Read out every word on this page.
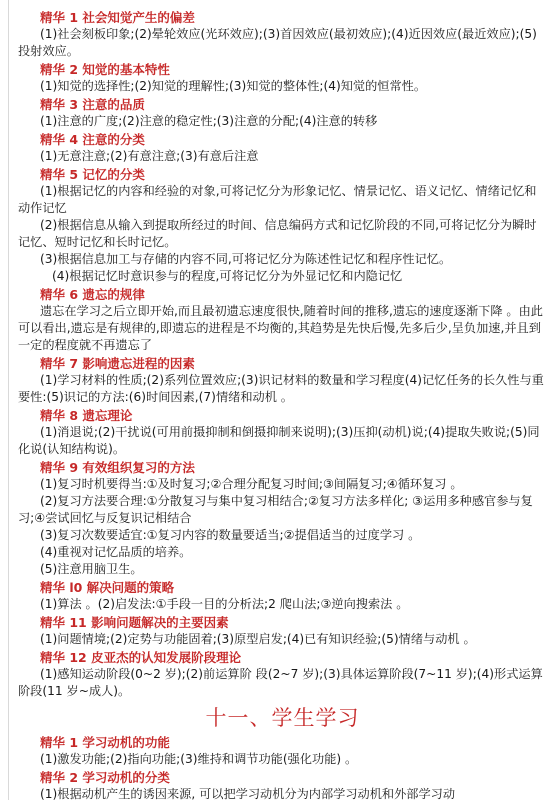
精华 1 社会知觉产生的偏差

(1)社会刻板印象;(2)晕轮效应(光环效应);(3)首因效应(最初效应);(4)近因效应(最近效应);(5)投射效应。

精华 2 知觉的基本特性

(1)知觉的选择性;(2)知觉的理解性;(3)知觉的整体性;(4)知觉的恒常性。

精华 3 注意的品质

(1)注意的广度;(2)注意的稳定性;(3)注意的分配;(4)注意的转移

精华 4 注意的分类

(1)无意注意;(2)有意注意;(3)有意后注意

精华 5 记忆的分类

(1)根据记忆的内容和经验的对象,可将记忆分为形象记忆、情景记忆、语义记忆、情绪记忆和动作记忆

(2)根据信息从输入到提取所经过的时间、信息编码方式和记忆阶段的不同,可将记忆分为瞬时记忆、短时记忆和长时记忆。

(3)根据信息加工与存储的内容不同,可将记忆分为陈述性记忆和程序性记忆。

(4)根据记忆时意识参与的程度,可将记忆分为外显记忆和内隐记忆

精华 6 遗忘的规律

遗忘在学习之后立即开始,而且最初遗忘速度很快,随着时间的推移,遗忘的速度逐渐下降 。由此可以看出,遗忘是有规律的,即遗忘的进程是不均衡的,其趋势是先快后慢,先多后少,呈负加速,并且到一定的程度就不再遗忘了

精华 7 影响遗忘进程的因素

(1)学习材料的性质;(2)系列位置效应;(3)识记材料的数量和学习程度(4)记忆任务的长久性与重要性:(5)识记的方法:(6)时间因素,(7)情绪和动机 。

精华 8 遗忘理论

(1)消退说;(2)干扰说(可用前摄抑制和倒摄抑制来说明);(3)压抑(动机)说;(4)提取失败说;(5)同化说(认知结构说)。

精华 9 有效组织复习的方法

(1)复习时机要得当:①及时复习;②合理分配复习时间;③间隔复习;④循环复习 。

(2)复习方法要合理:①分散复习与集中复习相结合;②复习方法多样化; ③运用多种感官参与复习;④尝试回忆与反复识记相结合

(3)复习次数要适宜:①复习内容的数量要适当;②提倡适当的过度学习 。

(4)重视对记忆品质的培养。

(5)注意用脑卫生。

精华 l0 解决问题的策略

(1)算法 。(2)启发法:①手段一目的分析法;2 爬山法;③逆向搜索法 。

精华 11 影响问题解决的主要因素

(1)问题情境;(2)定势与功能固着;(3)原型启发;(4)已有知识经验;(5)情绪与动机 。

精华 12 皮亚杰的认知发展阶段理论

(1)感知运动阶段(0~2 岁);(2)前运算阶 段(2~7 岁);(3)具体运算阶段(7~11 岁);(4)形式运算阶段(11 岁~成人)。

十一、学生学习
精华 1 学习动机的功能

(1)激发功能;(2)指向功能;(3)维持和调节功能(强化功能) 。

精华 2 学习动机的分类

(1)根据动机产生的诱因来源, 可以把学习动机分为内部学习动机和外部学习动
